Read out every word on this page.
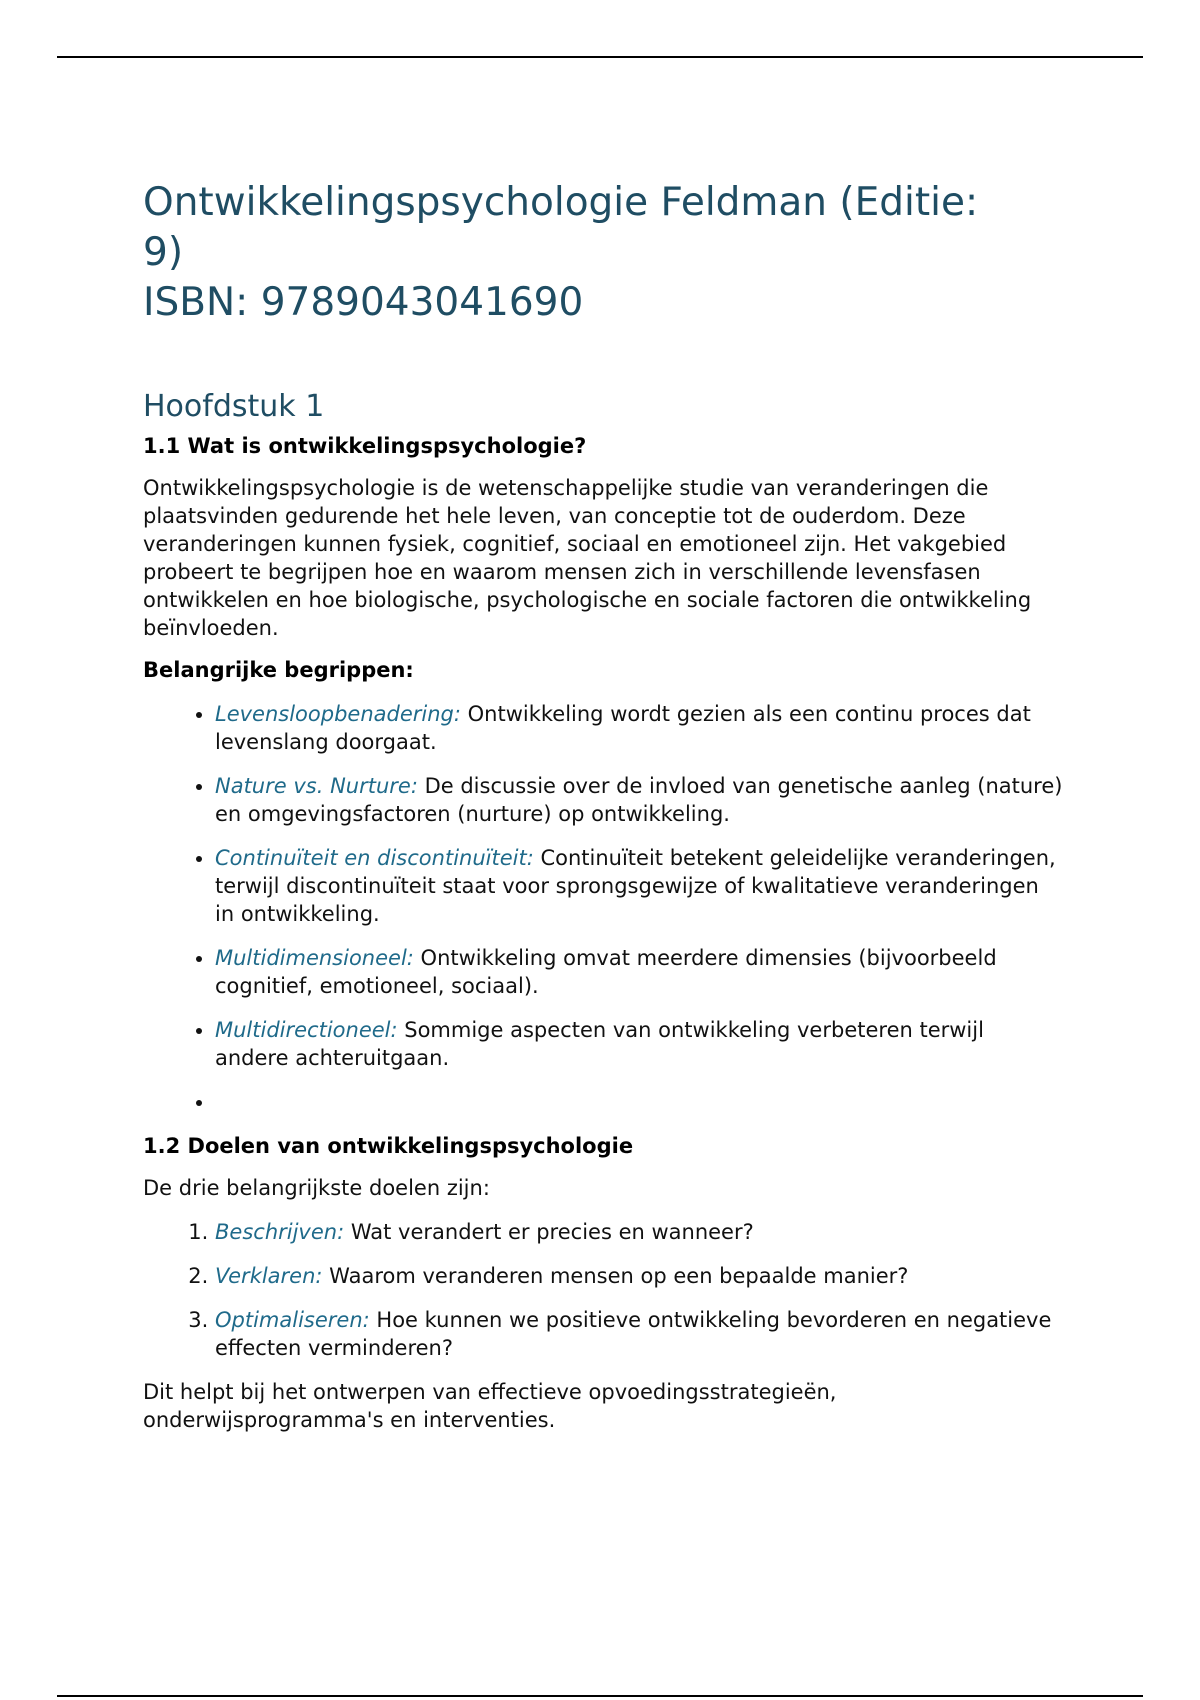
Ontwikkelingspsychologie Feldman (Editie:
9)
ISBN: 9789043041690
Hoofdstuk 1
1.1 Wat is ontwikkelingspsychologie?

Ontwikkelingspsychologie is de wetenschappelijke studie van veranderingen die plaatsvinden gedurende het hele leven, van conceptie tot de ouderdom. Deze veranderingen kunnen fysiek, cognitief, sociaal en emotioneel zijn. Het vakgebied probeert te begrijpen hoe en waarom mensen zich in verschillende levensfasen ontwikkelen en hoe biologische, psychologische en sociale factoren die ontwikkeling beïnvloeden.

Belangrijke begrippen:

• Levensloopbenadering: Ontwikkeling wordt gezien als een continu proces dat levenslang doorgaat.
• Nature vs. Nurture: De discussie over de invloed van genetische aanleg (nature) en omgevingsfactoren (nurture) op ontwikkeling.
• Continuïteit en discontinuïteit: Continuïteit betekent geleidelijke veranderingen, terwijl discontinuïteit staat voor sprongsgewijze of kwalitatieve veranderingen in ontwikkeling.
• Multidimensioneel: Ontwikkeling omvat meerdere dimensies (bijvoorbeeld cognitief, emotioneel, sociaal).
• Multidirectioneel: Sommige aspecten van ontwikkeling verbeteren terwijl andere achteruitgaan.
•
1.2 Doelen van ontwikkelingspsychologie

De drie belangrijkste doelen zijn:

1. Beschrijven: Wat verandert er precies en wanneer?
2. Verklaren: Waarom veranderen mensen op een bepaalde manier?
3. Optimaliseren: Hoe kunnen we positieve ontwikkeling bevorderen en negatieve effecten verminderen?

Dit helpt bij het ontwerpen van effectieve opvoedingsstrategieën, onderwijsprogramma's en interventies.
